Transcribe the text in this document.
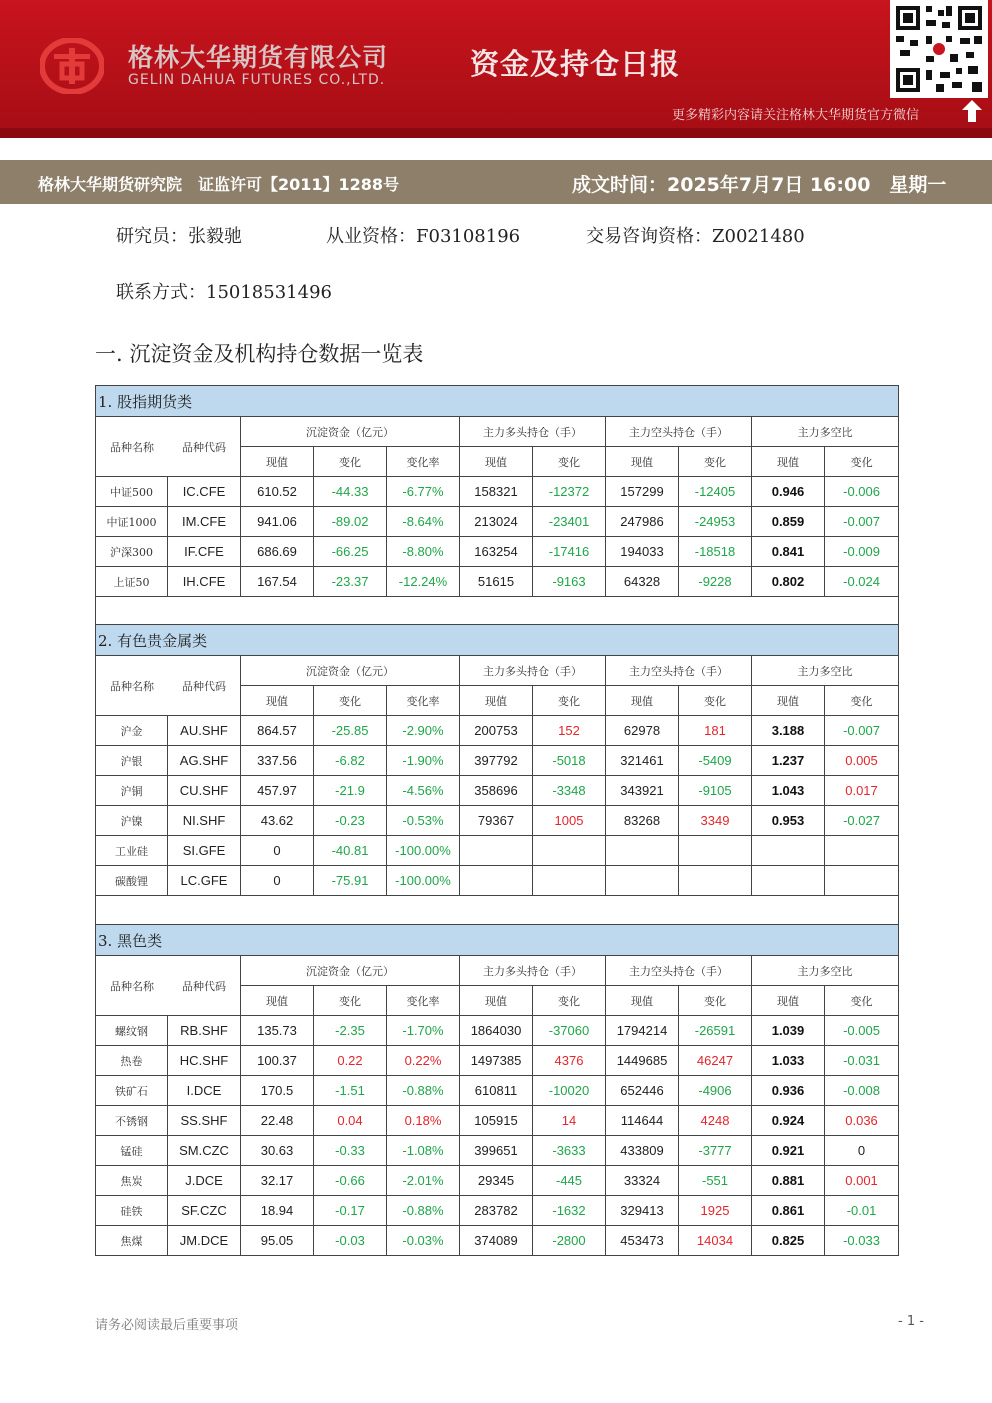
格林大华期货有限公司
GELIN DAHUA FUTURES CO.,LTD.	资金及持仓日报
更多精彩内容请关注格林大华期货官方微信
格林大华期货研究院　证监许可【2011】1288号	成文时间：2025年7月7日 16:00　星期一
研究员：张毅驰	从业资格：F03108196	交易咨询资格：Z0021480
联系方式：15018531496
一. 沉淀资金及机构持仓数据一览表
1. 股指期货类										

品种名称 品种代码		沉淀资金（亿元）			主力多头持仓（手）		主力空头持仓（手）		主力多空比	
		现值	变化	变化率	现值	变化	现值	变化	现值	变化
中证500	IC.CFE	610.52	-44.33	-6.77%	158321	-12372	157299	-12405	0.946	-0.006
中证1000	IM.CFE	941.06	-89.02	-8.64%	213024	-23401	247986	-24953	0.859	-0.007
沪深300	IF.CFE	686.69	-66.25	-8.80%	163254	-17416	194033	-18518	0.841	-0.009
上证50	IH.CFE	167.54	-23.37	-12.24%	51615	-9163	64328	-9228	0.802	-0.024

2. 有色贵金属类										

品种名称 品种代码		沉淀资金（亿元）			主力多头持仓（手）		主力空头持仓（手）		主力多空比	
		现值	变化	变化率	现值	变化	现值	变化	现值	变化
沪金	AU.SHF	864.57	-25.85	-2.90%	200753	152	62978	181	3.188	-0.007
沪银	AG.SHF	337.56	-6.82	-1.90%	397792	-5018	321461	-5409	1.237	0.005
沪铜	CU.SHF	457.97	-21.9	-4.56%	358696	-3348	343921	-9105	1.043	0.017
沪镍	NI.SHF	43.62	-0.23	-0.53%	79367	1005	83268	3349	0.953	-0.027
工业硅	SI.GFE	0	-40.81	-100.00%						
碳酸锂	LC.GFE	0	-75.91	-100.00%						

3. 黑色类										

品种名称 品种代码		沉淀资金（亿元）			主力多头持仓（手）		主力空头持仓（手）		主力多空比	
		现值	变化	变化率	现值	变化	现值	变化	现值	变化
螺纹钢	RB.SHF	135.73	-2.35	-1.70%	1864030	-37060	1794214	-26591	1.039	-0.005
热卷	HC.SHF	100.37	0.22	0.22%	1497385	4376	1449685	46247	1.033	-0.031
铁矿石	I.DCE	170.5	-1.51	-0.88%	610811	-10020	652446	-4906	0.936	-0.008
不锈钢	SS.SHF	22.48	0.04	0.18%	105915	14	114644	4248	0.924	0.036
锰硅	SM.CZC	30.63	-0.33	-1.08%	399651	-3633	433809	-3777	0.921	0
焦炭	J.DCE	32.17	-0.66	-2.01%	29345	-445	33324	-551	0.881	0.001
硅铁	SF.CZC	18.94	-0.17	-0.88%	283782	-1632	329413	1925	0.861	-0.01
焦煤	JM.DCE	95.05	-0.03	-0.03%	374089	-2800	453473	14034	0.825	-0.033
请务必阅读最后重要事项	- 1 -
